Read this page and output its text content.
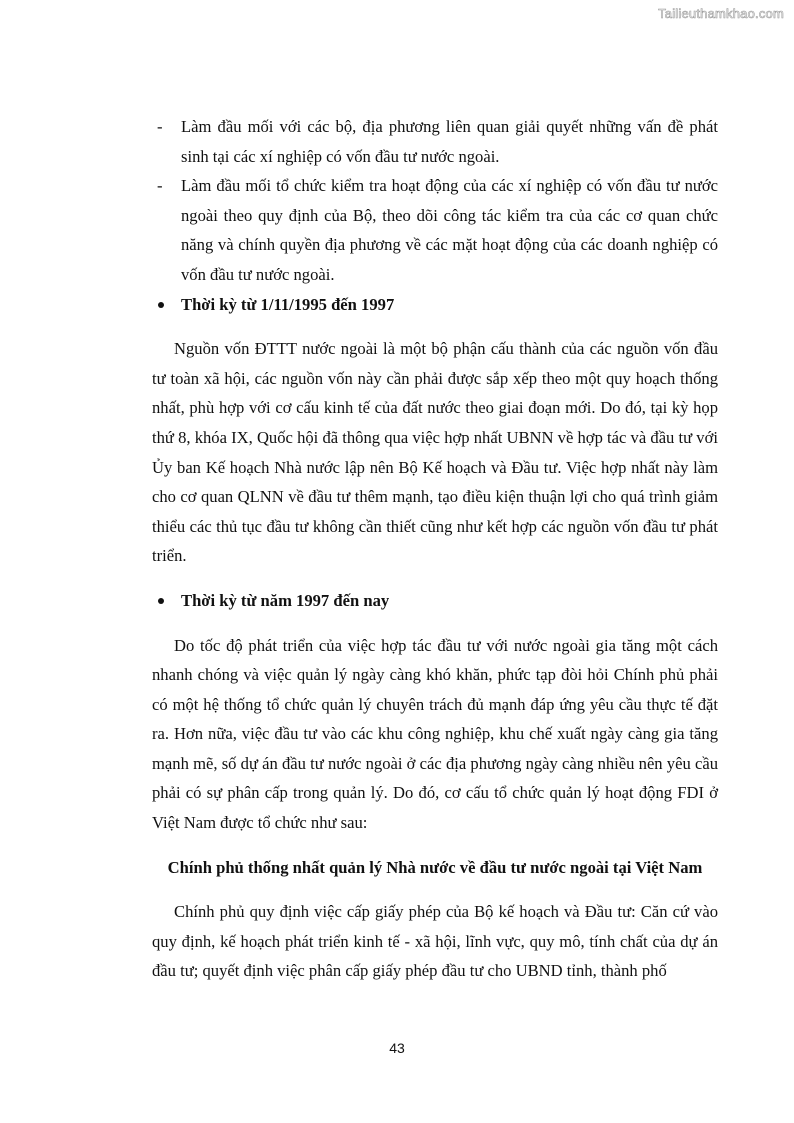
Tailieuthamkhao.com

- Làm đầu mối với các bộ, địa phương liên quan giải quyết những vấn đề phát sinh tại các xí nghiệp có vốn đầu tư nước ngoài.

- Làm đầu mối tổ chức kiểm tra hoạt động của các xí nghiệp có vốn đầu tư nước ngoài theo quy định của Bộ, theo dõi công tác kiểm tra của các cơ quan chức năng và chính quyền địa phương về các mặt hoạt động của các doanh nghiệp có vốn đầu tư nước ngoài.

Thời kỳ từ 1/11/1995 đến 1997

Nguồn vốn ĐTTT nước ngoài là một bộ phận cấu thành của các nguồn vốn đầu tư toàn xã hội, các nguồn vốn này cần phải được sắp xếp theo một quy hoạch thống nhất, phù hợp với cơ cấu kinh tế của đất nước theo giai đoạn mới. Do đó, tại kỳ họp thứ 8, khóa IX, Quốc hội đã thông qua việc hợp nhất UBNN về hợp tác và đầu tư với Ủy ban Kế hoạch Nhà nước lập nên Bộ Kế hoạch và Đầu tư. Việc hợp nhất này làm cho cơ quan QLNN về đầu tư thêm mạnh, tạo điều kiện thuận lợi cho quá trình giảm thiểu các thủ tục đầu tư không cần thiết cũng như kết hợp các nguồn vốn đầu tư phát triển.

Thời kỳ từ năm 1997 đến nay

Do tốc độ phát triển của việc hợp tác đầu tư với nước ngoài gia tăng một cách nhanh chóng và việc quản lý ngày càng khó khăn, phức tạp đòi hỏi Chính phủ phải có một hệ thống tổ chức quản lý chuyên trách đủ mạnh đáp ứng yêu cầu thực tế đặt ra. Hơn nữa, việc đầu tư vào các khu công nghiệp, khu chế xuất ngày càng gia tăng mạnh mẽ, số dự án đầu tư nước ngoài ở các địa phương ngày càng nhiều nên yêu cầu phải có sự phân cấp trong quản lý. Do đó, cơ cấu tổ chức quản lý hoạt động FDI ở Việt Nam được tổ chức như sau:

Chính phủ thống nhất quản lý Nhà nước về đầu tư nước ngoài tại Việt Nam

Chính phủ quy định việc cấp giấy phép của Bộ kế hoạch và Đầu tư: Căn cứ vào quy định, kế hoạch phát triển kinh tế - xã hội, lĩnh vực, quy mô, tính chất của dự án đầu tư; quyết định việc phân cấp giấy phép đầu tư cho UBND tỉnh, thành phố

43
